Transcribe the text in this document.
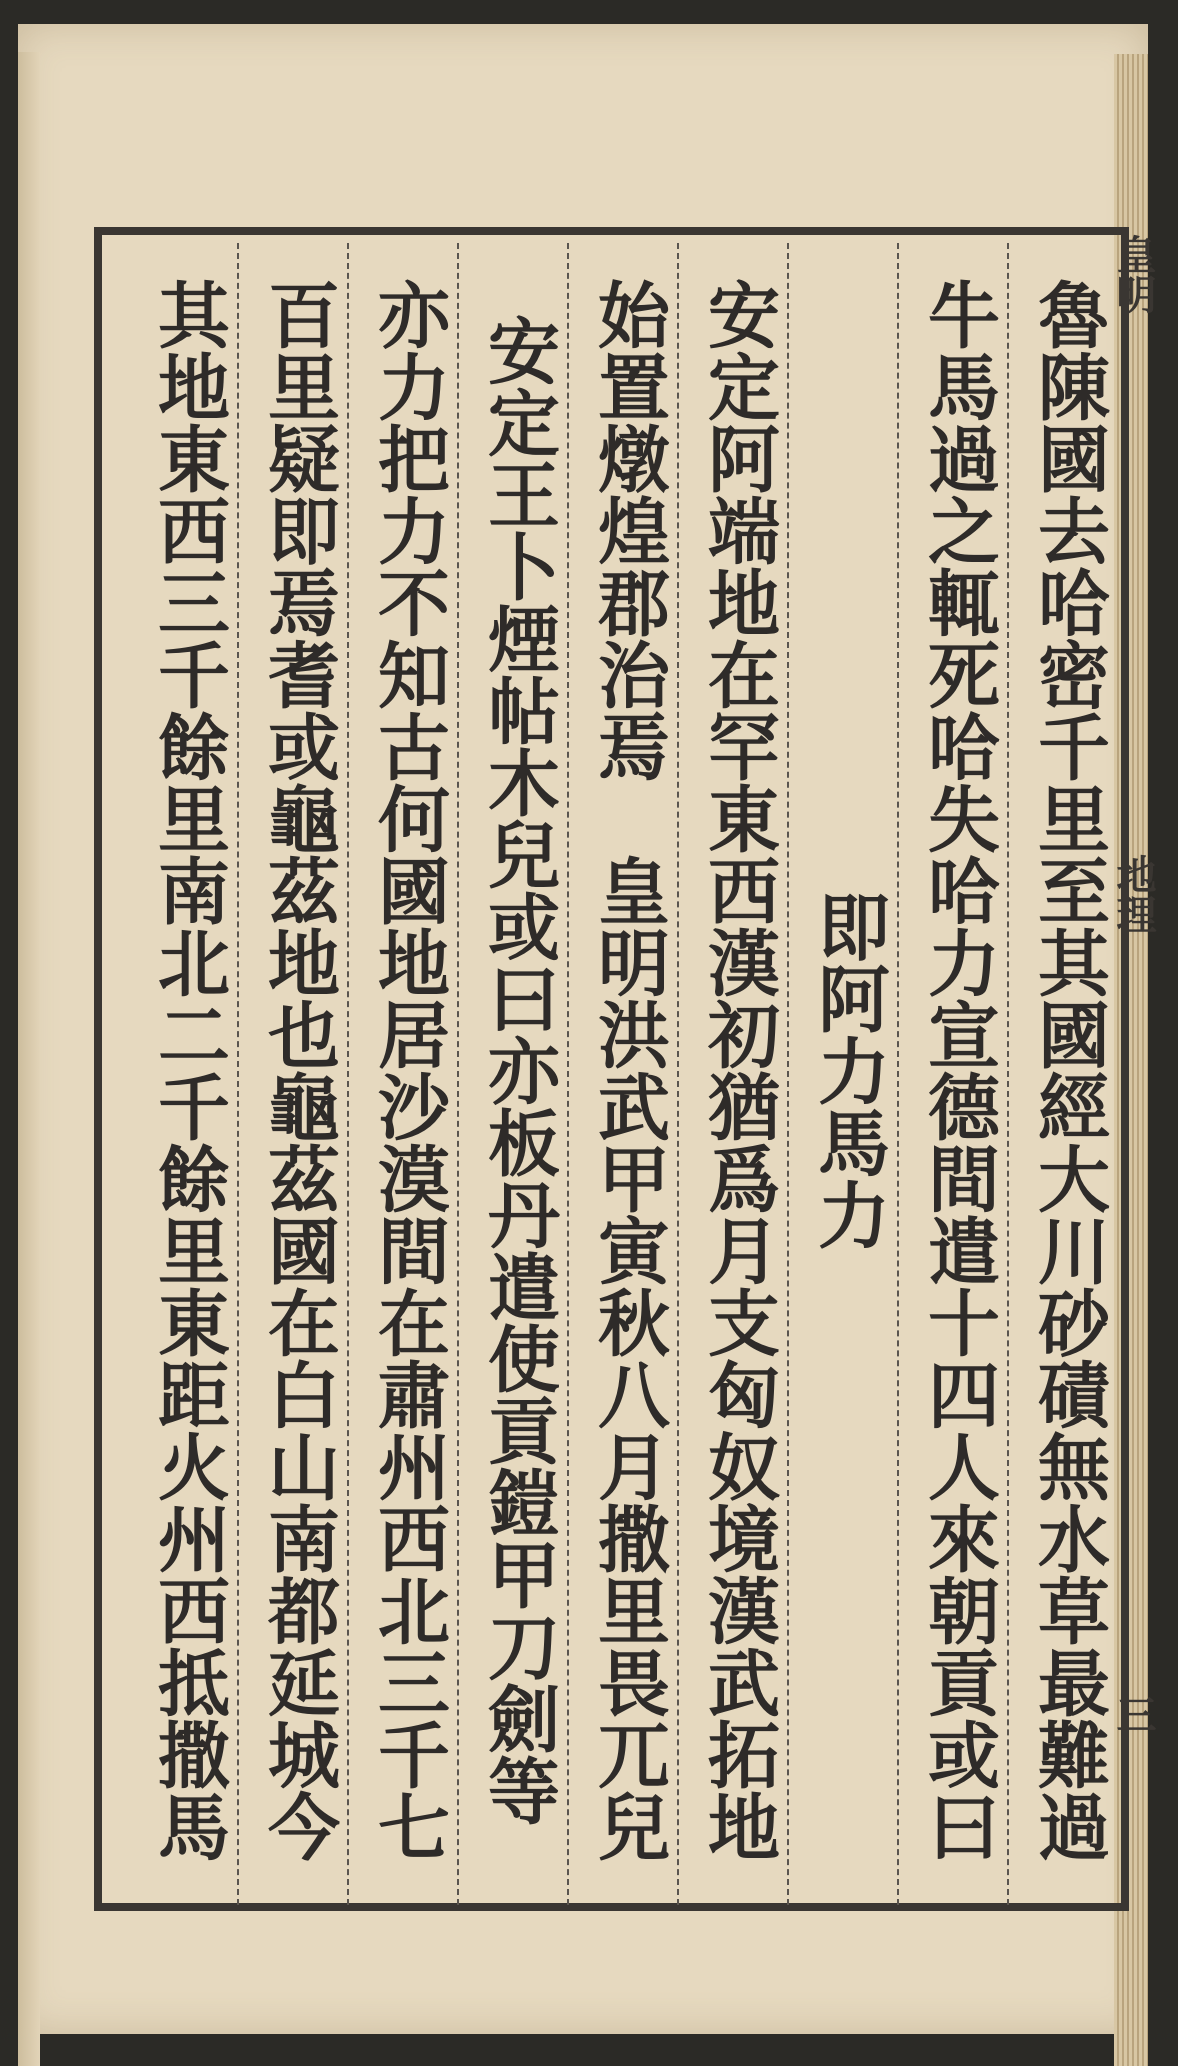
魯陳國去哈密千里至其國經大川砂磧無水草最難過
牛馬過之輒死哈失哈力宣德間遣十四人來朝貢或曰
即阿力馬力
安定阿端地在罕東西漢初猶爲月支匈奴境漢武拓地
始置燉煌郡治焉　皇明洪武甲寅秋八月撒里畏兀兒
安定王卜煙帖木兒或曰亦板丹遣使貢鎧甲刀劍等
亦力把力不知古何國地居沙漠間在肅州西北三千七
百里疑即焉耆或龜茲地也龜茲國在白山南都延城今
其地東西三千餘里南北二千餘里東距火州西抵撒馬
皇明
地理
三
